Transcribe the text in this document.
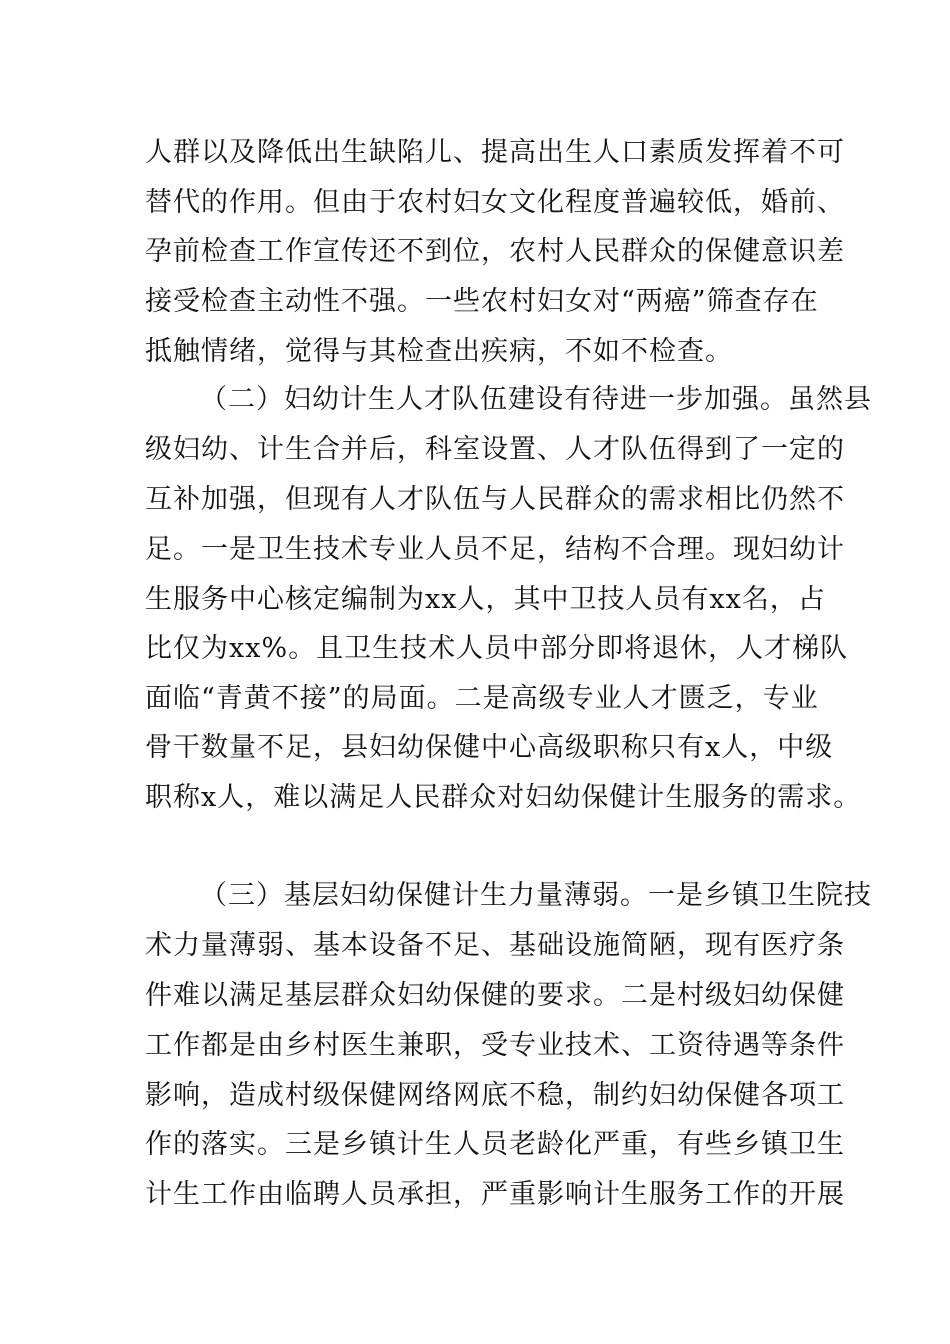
人群以及降低出生缺陷儿、提高出生人口素质发挥着不可
替代的作用。但由于农村妇女文化程度普遍较低，婚前、
孕前检查工作宣传还不到位，农村人民群众的保健意识差
接受检查主动性不强。一些农村妇女对“两癌”筛查存在
抵触情绪，觉得与其检查出疾病，不如不检查。
（二）妇幼计生人才队伍建设有待进一步加强。虽然县
级妇幼、计生合并后，科室设置、人才队伍得到了一定的
互补加强，但现有人才队伍与人民群众的需求相比仍然不
足。一是卫生技术专业人员不足，结构不合理。现妇幼计
生服务中心核定编制为xx人，其中卫技人员有xx名，占
比仅为xx%。且卫生技术人员中部分即将退休，人才梯队
面临“青黄不接”的局面。二是高级专业人才匮乏，专业
骨干数量不足，县妇幼保健中心高级职称只有x人，中级
职称x人，难以满足人民群众对妇幼保健计生服务的需求。
（三）基层妇幼保健计生力量薄弱。一是乡镇卫生院技
术力量薄弱、基本设备不足、基础设施简陋，现有医疗条
件难以满足基层群众妇幼保健的要求。二是村级妇幼保健
工作都是由乡村医生兼职，受专业技术、工资待遇等条件
影响，造成村级保健网络网底不稳，制约妇幼保健各项工
作的落实。三是乡镇计生人员老龄化严重，有些乡镇卫生
计生工作由临聘人员承担，严重影响计生服务工作的开展
